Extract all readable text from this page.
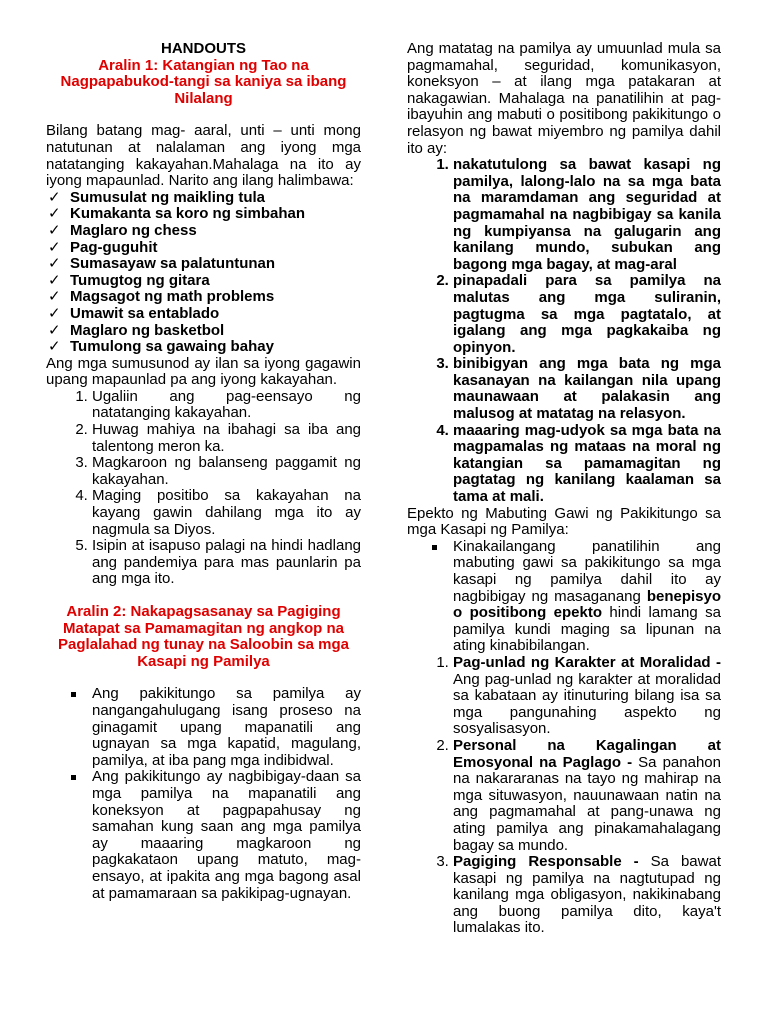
HANDOUTS
Aralin 1: Katangian ng Tao na Nagpapabukod-tangi sa kaniya sa ibang Nilalang

Bilang batang mag- aaral, unti – unti mong natutunan at nalalaman ang iyong mga natatanging kakayahan.Mahalaga na ito ay iyong mapaunlad. Narito ang ilang halimbawa:

✓ Sumusulat ng maikling tula
✓ Kumakanta sa koro ng simbahan
✓ Maglaro ng chess
✓ Pag-guguhit
✓ Sumasayaw sa palatuntunan
✓ Tumugtog ng gitara
✓ Magsagot ng math problems
✓ Umawit sa entablado
✓ Maglaro ng basketbol
✓ Tumulong sa gawaing bahay

Ang mga sumusunod ay ilan sa iyong gagawin upang mapaunlad pa ang iyong kakayahan.

1. Ugaliin ang pag-eensayo ng natatanging kakayahan.
2. Huwag mahiya na ibahagi sa iba ang talentong meron ka.
3. Magkaroon ng balanseng paggamit ng kakayahan.
4. Maging positibo sa kakayahan na kayang gawin dahilang mga ito ay nagmula sa Diyos.
5. Isipin at isapuso palagi na hindi hadlang ang pandemiya para mas paunlarin pa ang mga ito.
Aralin 2: Nakapagsasanay sa Pagiging Matapat sa Pamamagitan ng angkop na Paglalahad ng tunay na Saloobin sa mga Kasapi ng Pamilya
Ang pakikitungo sa pamilya ay nangangahulugang isang proseso na ginagamit upang mapanatili ang ugnayan sa mga kapatid, magulang, pamilya, at iba pang mga indibidwal.
Ang pakikitungo ay nagbibigay-daan sa mga pamilya na mapanatili ang koneksyon at pagpapahusay ng samahan kung saan ang mga pamilya ay maaaring magkaroon ng pagkakataon upang matuto, mag-ensayo, at ipakita ang mga bagong asal at pamamaraan sa pakikipag-ugnayan.

Ang matatag na pamilya ay umuunlad mula sa pagmamahal, seguridad, komunikasyon, koneksyon – at ilang mga patakaran at nakagawian. Mahalaga na panatilihin at pag-ibayuhin ang mabuti o positibong pakikitungo o relasyon ng bawat miyembro ng pamilya dahil ito ay:

1. nakatutulong sa bawat kasapi ng pamilya, lalong-lalo na sa mga bata na maramdaman ang seguridad at pagmamahal na nagbibigay sa kanila ng kumpiyansa na galugarin ang kanilang mundo, subukan ang bagong mga bagay, at mag-aral
2. pinapadali para sa pamilya na malutas ang mga suliranin, pagtugma sa mga pagtatalo, at igalang ang mga pagkakaiba ng opinyon.
3. binibigyan ang mga bata ng mga kasanayan na kailangan nila upang maunawaan at palakasin ang malusog at matatag na relasyon.
4. maaaring mag-udyok sa mga bata na magpamalas ng mataas na moral ng katangian sa pamamagitan ng pagtatag ng kanilang kaalaman sa tama at mali.

Epekto ng Mabuting Gawi ng Pakikitungo sa mga Kasapi ng Pamilya:

Kinakailangang panatilihin ang mabuting gawi sa pakikitungo sa mga kasapi ng pamilya dahil ito ay nagbibigay ng masaganang benepisyo o positibong epekto hindi lamang sa pamilya kundi maging sa lipunan na ating kinabibilangan.
1. Pag-unlad ng Karakter at Moralidad - Ang pag-unlad ng karakter at moralidad sa kabataan ay itinuturing bilang isa sa mga pangunahing aspekto ng sosyalisasyon.
2. Personal na Kagalingan at Emosyonal na Paglago - Sa panahon na nakararanas na tayo ng mahirap na mga situwasyon, nauunawaan natin na ang pagmamahal at pang-unawa ng ating pamilya ang pinakamahalagang bagay sa mundo.
3. Pagiging Responsable - Sa bawat kasapi ng pamilya na nagtutupad ng kanilang mga obligasyon, nakikinabang ang buong pamilya dito, kaya't lumalakas ito.
